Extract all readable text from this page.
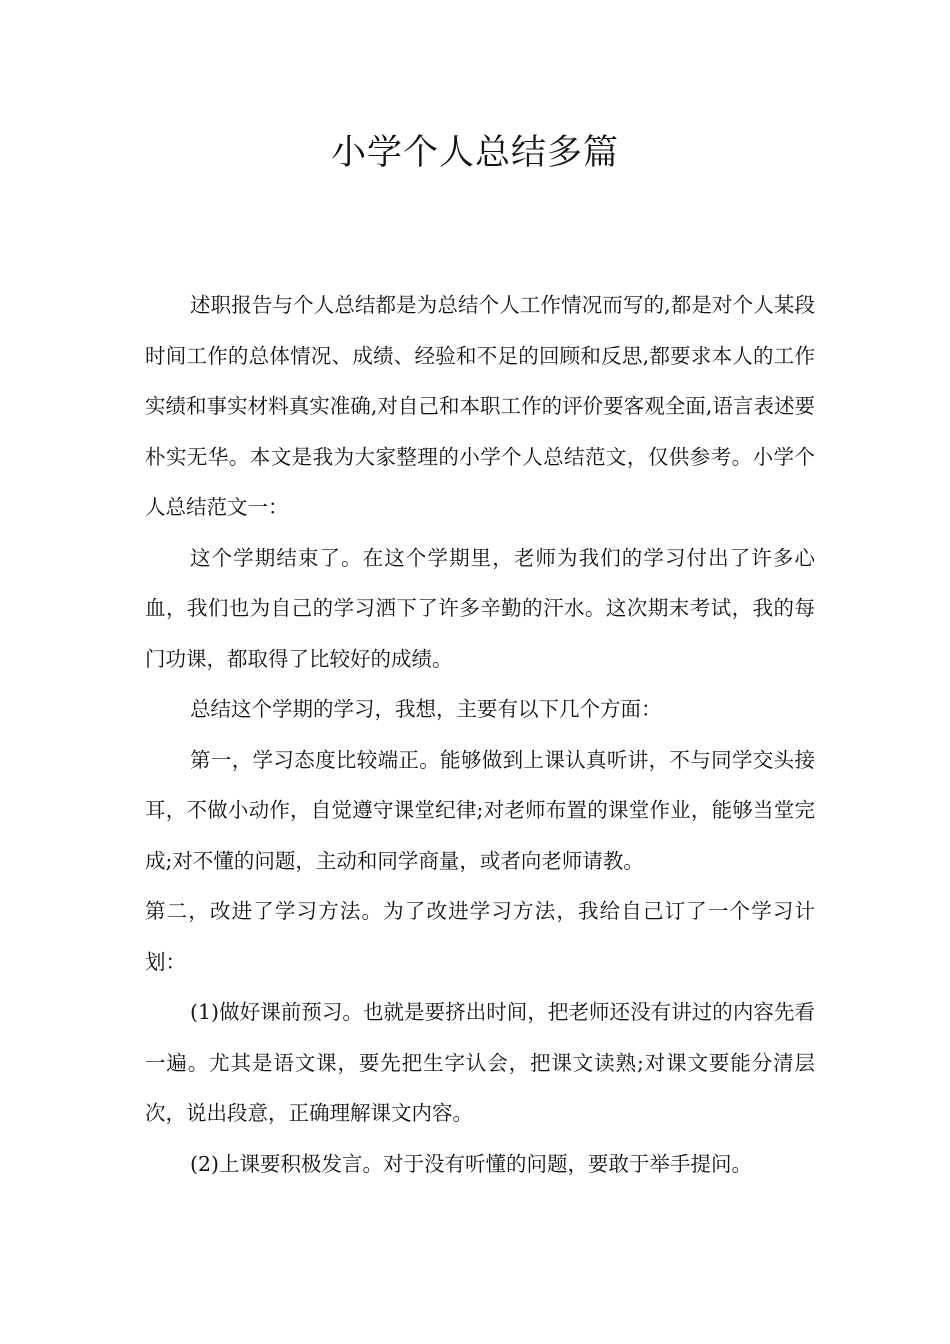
小学个人总结多篇

述职报告与个人总结都是为总结个人工作情况而写的,都是对个人某段时间工作的总体情况、成绩、经验和不足的回顾和反思,都要求本人的工作实绩和事实材料真实准确,对自己和本职工作的评价要客观全面,语言表述要朴实无华。本文是我为大家整理的小学个人总结范文，仅供参考。小学个人总结范文一：

这个学期结束了。在这个学期里，老师为我们的学习付出了许多心血，我们也为自己的学习洒下了许多辛勤的汗水。这次期末考试，我的每门功课，都取得了比较好的成绩。

总结这个学期的学习，我想，主要有以下几个方面：

第一，学习态度比较端正。能够做到上课认真听讲，不与同学交头接耳，不做小动作，自觉遵守课堂纪律;对老师布置的课堂作业，能够当堂完成;对不懂的问题，主动和同学商量，或者向老师请教。

第二，改进了学习方法。为了改进学习方法，我给自己订了一个学习计划：

(1)做好课前预习。也就是要挤出时间，把老师还没有讲过的内容先看一遍。尤其是语文课，要先把生字认会，把课文读熟;对课文要能分清层次，说出段意，正确理解课文内容。

(2)上课要积极发言。对于没有听懂的问题，要敢于举手提问。
